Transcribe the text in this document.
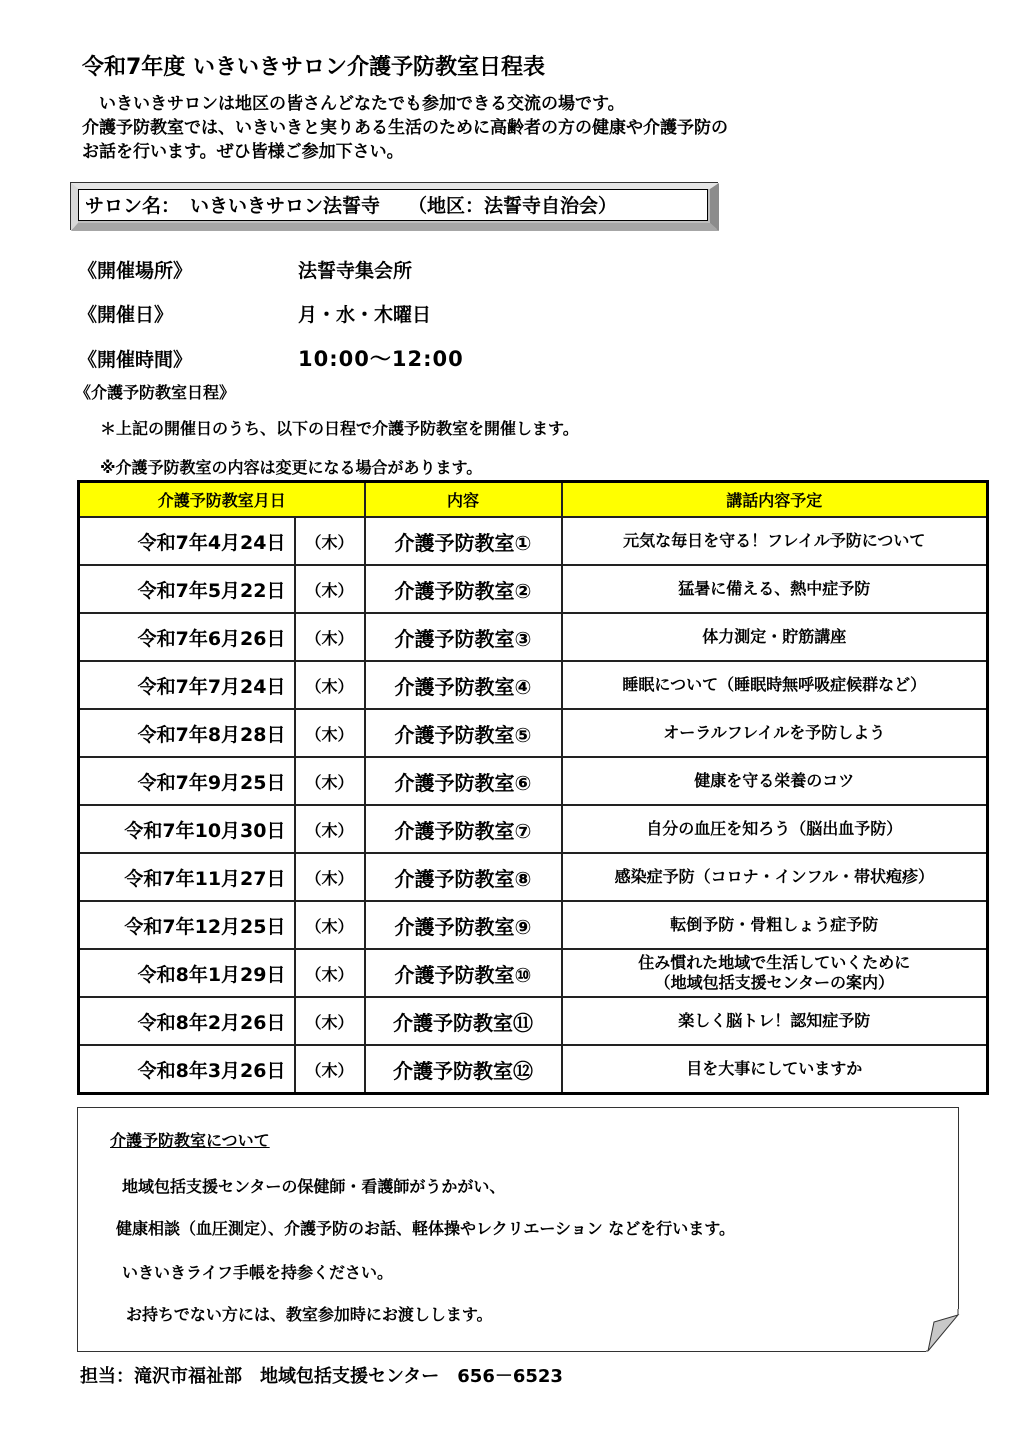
令和7年度 いきいきサロン介護予防教室日程表
　いきいきサロンは地区の皆さんどなたでも参加できる交流の場です。
介護予防教室では、いきいきと実りある生活のために高齢者の方の健康や介護予防の
お話を行います。ぜひ皆様ご参加下さい。
サロン名： いきいきサロン法誓寺 （地区：法誓寺自治会）
《開催場所》	法誓寺集会所
《開催日》	月・水・木曜日
《開催時間》	10:00～12:00
《介護予防教室日程》
＊上記の開催日のうち、以下の日程で介護予防教室を開催します。
※介護予防教室の内容は変更になる場合があります。
介護予防教室月日		内容	講話内容予定
令和7年4月24日	（木）	介護予防教室①	元気な毎日を守る！フレイル予防について
令和7年5月22日	（木）	介護予防教室②	猛暑に備える、熱中症予防
令和7年6月26日	（木）	介護予防教室③	体力測定・貯筋講座
令和7年7月24日	（木）	介護予防教室④	睡眠について（睡眠時無呼吸症候群など）
令和7年8月28日	（木）	介護予防教室⑤	オーラルフレイルを予防しよう
令和7年9月25日	（木）	介護予防教室⑥	健康を守る栄養のコツ
令和7年10月30日	（木）	介護予防教室⑦	自分の血圧を知ろう（脳出血予防）
令和7年11月27日	（木）	介護予防教室⑧	感染症予防（コロナ・インフル・帯状疱疹）
令和7年12月25日	（木）	介護予防教室⑨	転倒予防・骨粗しょう症予防
令和8年1月29日	（木）	介護予防教室⑩	住み慣れた地域で生活していくために
（地域包括支援センターの案内）

令和8年2月26日	（木）	介護予防教室⑪	楽しく脳トレ！認知症予防
令和8年3月26日	（木）	介護予防教室⑫	目を大事にしていますか
介護予防教室について
地域包括支援センターの保健師・看護師がうかがい、
健康相談（血圧測定）、介護予防のお話、軽体操やレクリエーション などを行います。
いきいきライフ手帳を持参ください。
お持ちでない方には、教室参加時にお渡しします。
担当：滝沢市福祉部　地域包括支援センター　656－6523
